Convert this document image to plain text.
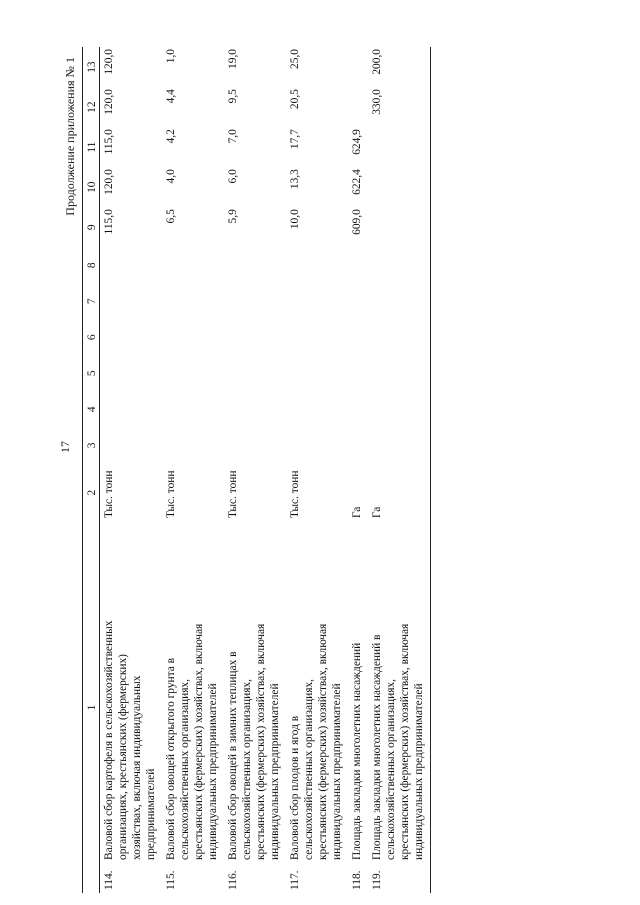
17
Продолжение приложения № 1
1	2	3	4	5	6	7	8	9	10	11	12	13
114.Валовой сбор картофеля в сельскохозяйственных организациях, крестьянских (фермерских) хозяйствах, включая индивидуальных предпринимателей	Тыс. тонн							115,0	120,0	115,0	120,0	120,0
115.Валовой сбор овощей открытого грунта в сельскохозяйственных организациях, крестьянских (фермерских) хозяйствах, включая индивидуальных предпринимателей	Тыс. тонн							6,5	4,0	4,2	4,4	1,0
116.Валовой сбор овощей в зимних теплицах в сельскохозяйственных организациях, крестьянских (фермерских) хозяйствах, включая индивидуальных предпринимателей	Тыс. тонн							5,9	6,0	7,0	9,5	19,0
117.Валовой сбор плодов и ягод в сельскохозяйственных организациях, крестьянских (фермерских) хозяйствах, включая индивидуальных предпринимателей	Тыс. тонн							10,0	13,3	17,7	20,5	25,0
118.Площадь закладки многолетних насаждений	Га							609,0	622,4	624,9		
119.Площадь закладки многолетних насаждений в сельскохозяйственных организациях, крестьянских (фермерских) хозяйствах, включая индивидуальных предпринимателей	Га										330,0	200,0
